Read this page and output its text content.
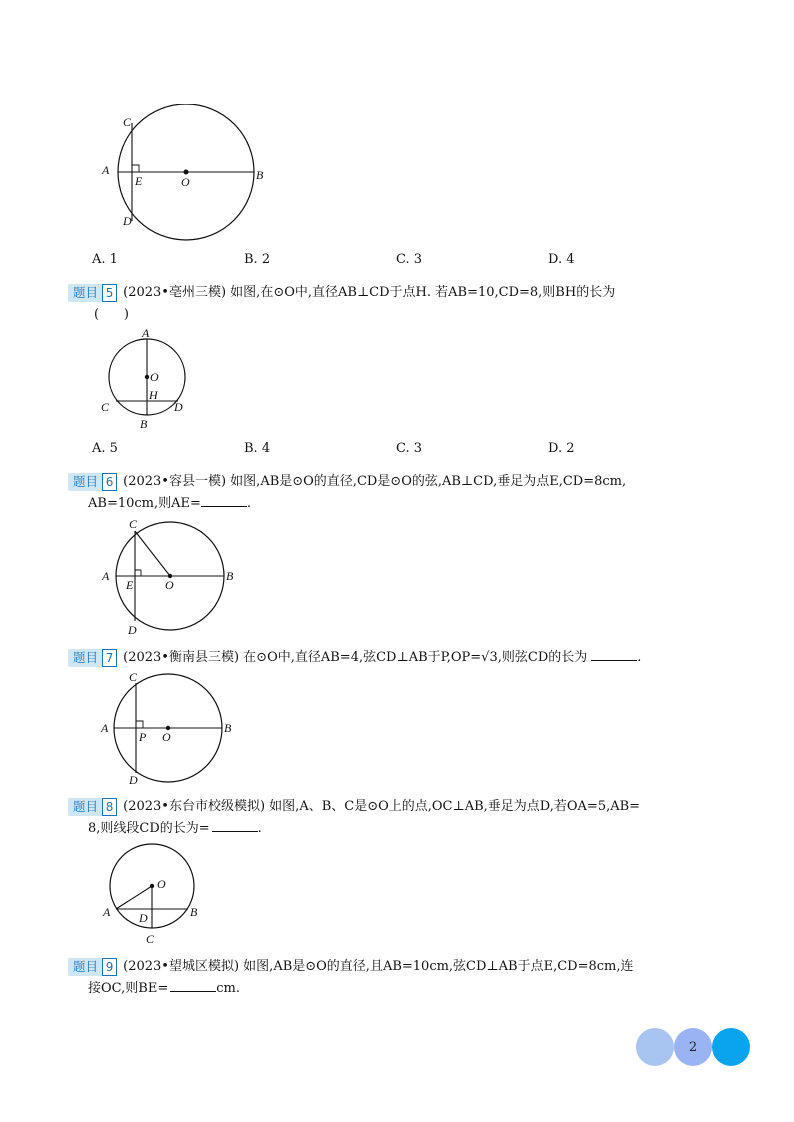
C
A
E	O	B
D
A. 1	B. 2	C. 3	D. 4
题目 5 (2023•亳州三模) 如图,在⊙O中,直径AB⊥CD于点H. 若AB=10,CD=8,则BH的长为
(      )
A
O
H
C	D
B
A. 5	B. 4	C. 3	D. 2
题目 6 (2023•容县一模) 如图,AB是⊙O的直径,CD是⊙O的弦,AB⊥CD,垂足为点E,CD=8cm,
AB=10cm,则AE=	.
C
A
E	O
B
D
题目 7 (2023•衡南县三模) 在⊙O中,直径AB=4,弦CD⊥AB于P,OP=√3,则弦CD的长为	.
C
A
P O
B
D
题目 8 (2023•东台市校级模拟) 如图,A、B、C是⊙O上的点,OC⊥AB,垂足为点D,若OA=5,AB=
8,则线段CD的长为=	.
O
A D	B
C
题目 9 (2023•望城区模拟) 如图,AB是⊙O的直径,且AB=10cm,弦CD⊥AB于点E,CD=8cm,连
接OC,则BE=	cm.
2
